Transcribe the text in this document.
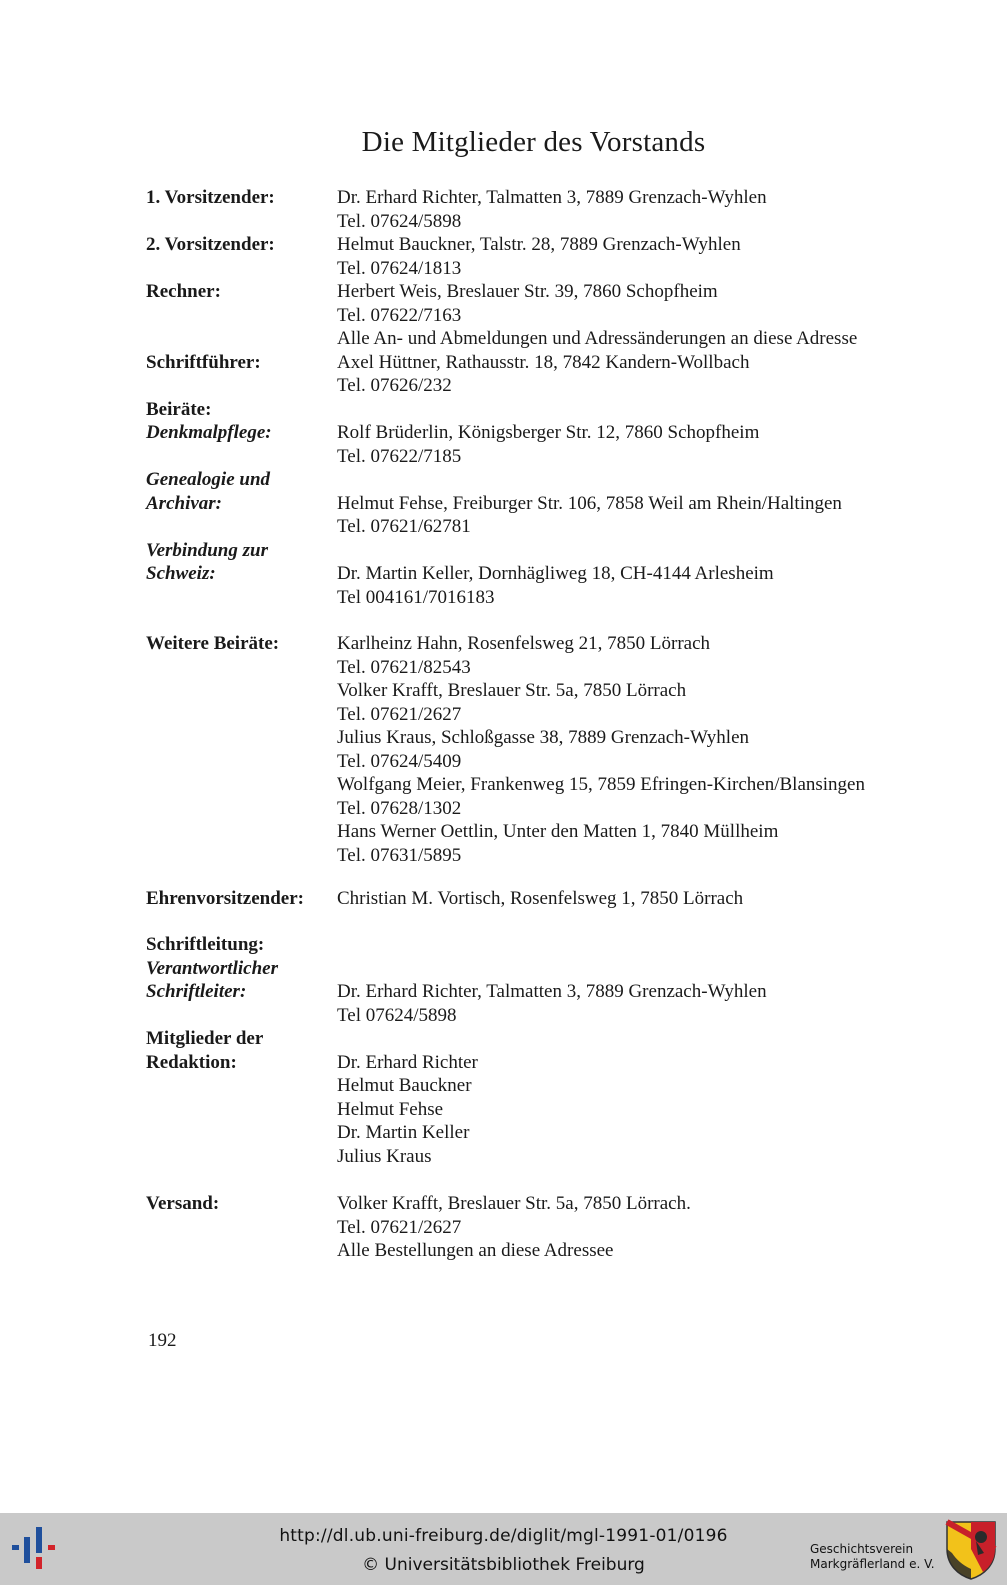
Die Mitglieder des Vorstands
1. Vorsitzender:	Dr. Erhard Richter, Talmatten 3, 7889 Grenzach-Wyhlen
Tel. 07624/5898
2. Vorsitzender:	Helmut Bauckner, Talstr. 28, 7889 Grenzach-Wyhlen
Tel. 07624/1813
Rechner:	Herbert Weis, Breslauer Str. 39, 7860 Schopfheim
Tel. 07622/7163
Alle An- und Abmeldungen und Adressänderungen an diese Adresse
Schriftführer:	Axel Hüttner, Rathausstr. 18, 7842 Kandern-Wollbach
Tel. 07626/232
Beiräte:
Denkmalpflege:	Rolf Brüderlin, Königsberger Str. 12, 7860 Schopfheim
Tel. 07622/7185
Genealogie und
Archivar:	Helmut Fehse, Freiburger Str. 106, 7858 Weil am Rhein/Haltingen
Tel. 07621/62781
Verbindung zur
Schweiz:	Dr. Martin Keller, Dornhägliweg 18, CH-4144 Arlesheim
Tel 004161/7016183
Weitere Beiräte:	Karlheinz Hahn, Rosenfelsweg 21, 7850 Lörrach
Tel. 07621/82543
Volker Krafft, Breslauer Str. 5a, 7850 Lörrach
Tel. 07621/2627
Julius Kraus, Schloßgasse 38, 7889 Grenzach-Wyhlen
Tel. 07624/5409
Wolfgang Meier, Frankenweg 15, 7859 Efringen-Kirchen/Blansingen
Tel. 07628/1302
Hans Werner Oettlin, Unter den Matten 1, 7840 Müllheim
Tel. 07631/5895
Ehrenvorsitzender: Christian M. Vortisch, Rosenfelsweg 1, 7850 Lörrach
Schriftleitung:
Verantwortlicher
Schriftleiter:	Dr. Erhard Richter, Talmatten 3, 7889 Grenzach-Wyhlen
Tel 07624/5898
Mitglieder der
Redaktion:	Dr. Erhard Richter
Helmut Bauckner
Helmut Fehse
Dr. Martin Keller
Julius Kraus
Versand:	Volker Krafft, Breslauer Str. 5a, 7850 Lörrach.
Tel. 07621/2627
Alle Bestellungen an diese Adressee
192
http://dl.ub.uni-freiburg.de/diglit/mgl-1991-01/0196
© Universitätsbibliothek Freiburg
Geschichtsverein
Markgräflerland e. V.
